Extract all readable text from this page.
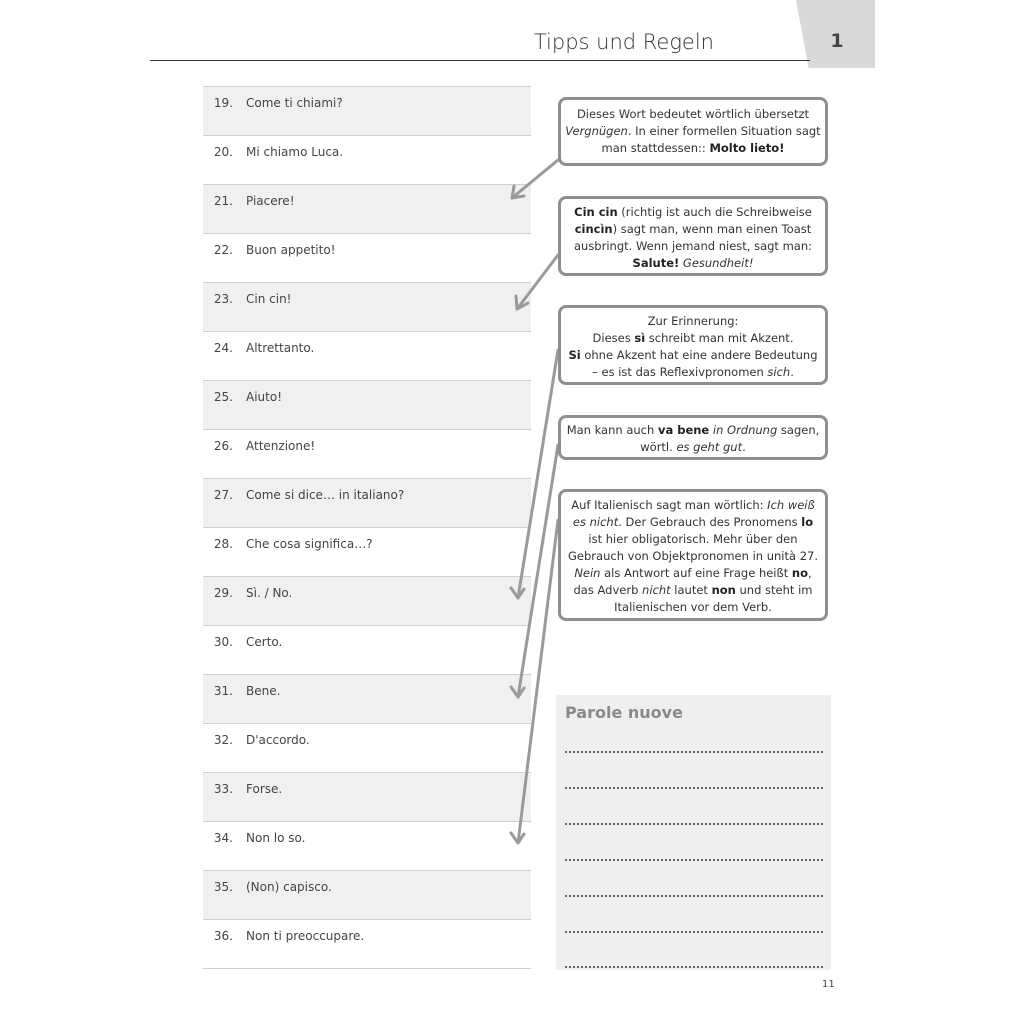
1
Tipps und Regeln
19. Come ti chiami?
20. Mi chiamo Luca.
21. Piacere!
22. Buon appetito!
23. Cin cin!
24. Altrettanto.
25. Aiuto!
26. Attenzione!
27. Come si dice… in italiano?
28. Che cosa significa…?
29. Sì. / No.
30. Certo.
31. Bene.
32. D'accordo.
33. Forse.
34. Non lo so.
35. (Non) capisco.
36. Non ti preoccupare.
Dieses Wort bedeutet wörtlich übersetzt Vergnügen. In einer formellen Situation sagt man stattdessen:: Molto lieto!
Cin cin (richtig ist auch die Schreibweise cincìn) sagt man, wenn man einen Toast ausbringt. Wenn jemand niest, sagt man: Salute! Gesundheit!
Zur Erinnerung:
Dieses sì schreibt man mit Akzent.
Si ohne Akzent hat eine andere Bedeutung – es ist das Reflexivpronomen sich.
Man kann auch va bene in Ordnung sagen, wörtl. es geht gut.
Auf Italienisch sagt man wörtlich: Ich weiß es nicht. Der Gebrauch des Pronomens lo ist hier obligatorisch. Mehr über den Gebrauch von Objektpronomen in unità 27.
Nein als Antwort auf eine Frage heißt no, das Adverb nicht lautet non und steht im Italienischen vor dem Verb.
Parole nuove
11
